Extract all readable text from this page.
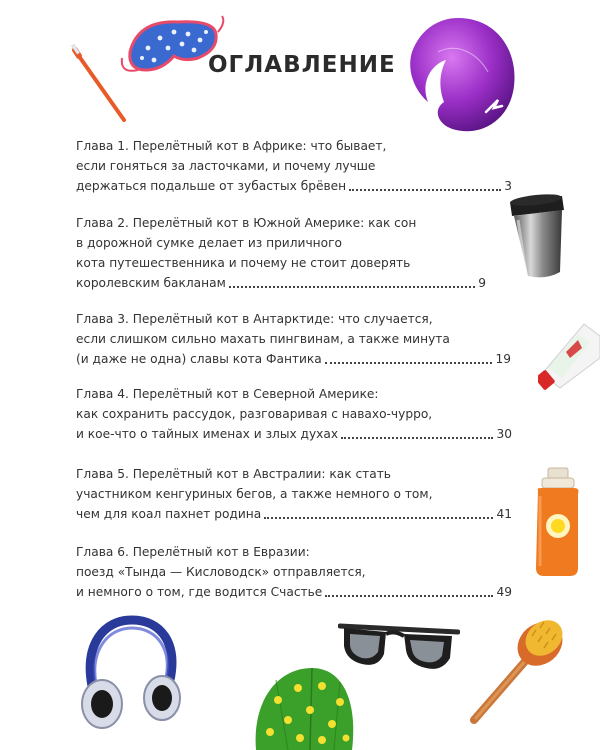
ОГЛАВЛЕНИЕ
Глава 1. Перелётный кот в Африке: что бывает,
если гоняться за ласточками, и почему лучше
держаться подальше от зубастых брёвен	3
Глава 2. Перелётный кот в Южной Америке: как сон
в дорожной сумке делает из приличного
кота путешественника и почему не стоит доверять
королевским бакланам	9
Глава 3. Перелётный кот в Антарктиде: что случается,
если слишком сильно махать пингвинам, а также минута
(и даже не одна) славы кота Фантика	19
Глава 4. Перелётный кот в Северной Америке:
как сохранить рассудок, разговаривая с навахо-чурро,
и кое-что о тайных именах и злых духах	30
Глава 5. Перелётный кот в Австралии: как стать
участником кенгуриных бегов, а также немного о том,
чем для коал пахнет родина	41
Глава 6. Перелётный кот в Евразии:
поезд «Тында — Кисловодск» отправляется,
и немного о том, где водится Счастье	49
